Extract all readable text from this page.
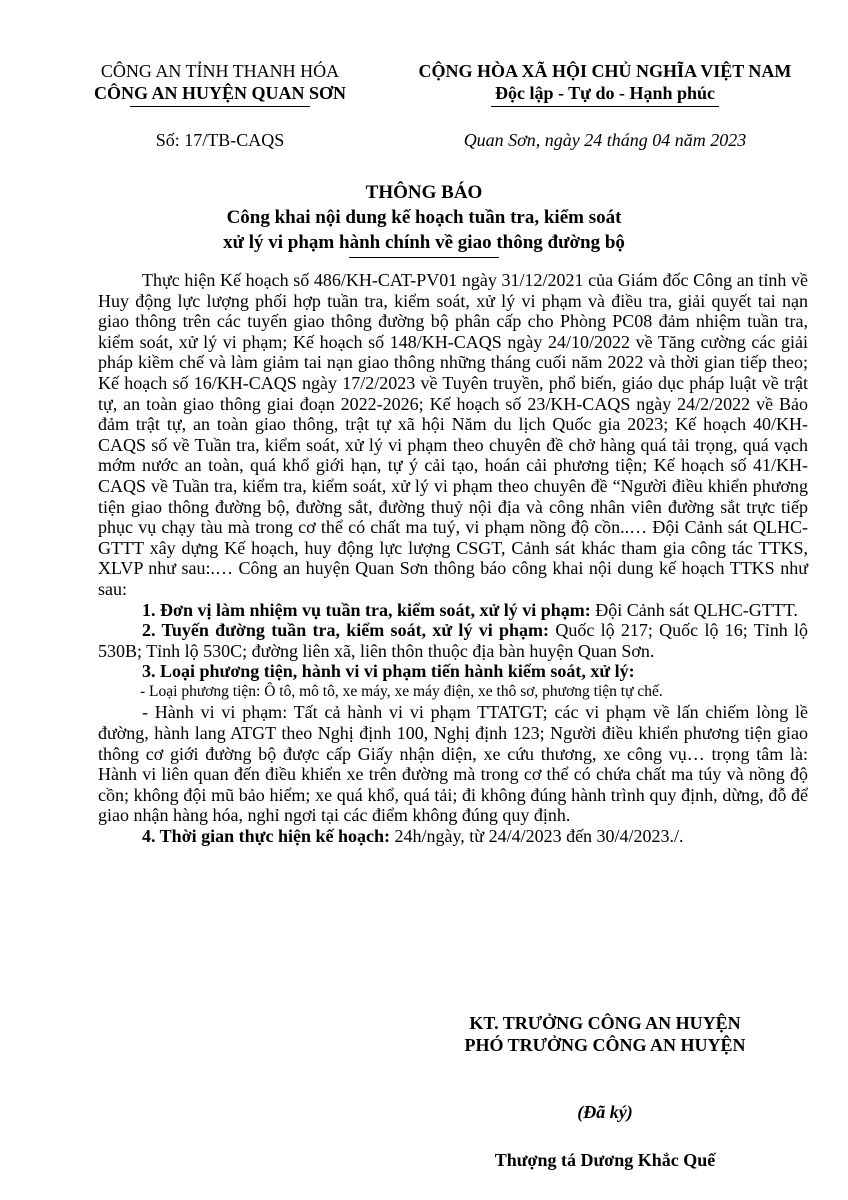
CÔNG AN TỈNH THANH HÓA
CÔNG AN HUYỆN QUAN SƠN
CỘNG HÒA XÃ HỘI CHỦ NGHĨA VIỆT NAM
Độc lập - Tự do - Hạnh phúc
Số: 17/TB-CAQS	Quan Sơn, ngày 24 tháng 04 năm 2023
THÔNG BÁO
Công khai nội dung kế hoạch tuần tra, kiểm soát
xử lý vi phạm hành chính về giao thông đường bộ

Thực hiện Kế hoạch số 486/KH-CAT-PV01 ngày 31/12/2021 của Giám đốc Công an tỉnh về Huy động lực lượng phối hợp tuần tra, kiểm soát, xử lý vi phạm và điều tra, giải quyết tai nạn giao thông trên các tuyến giao thông đường bộ phân cấp cho Phòng PC08 đảm nhiệm tuần tra, kiểm soát, xử lý vi phạm; Kế hoạch số 148/KH-CAQS ngày 24/10/2022 về Tăng cường các giải pháp kiềm chế và làm giảm tai nạn giao thông những tháng cuối năm 2022 và thời gian tiếp theo; Kế hoạch số 16/KH-CAQS ngày 17/2/2023 về Tuyên truyền, phổ biến, giáo dục pháp luật về trật tự, an toàn giao thông giai đoạn 2022-2026; Kế hoạch số 23/KH-CAQS ngày 24/2/2022 về Bảo đảm trật tự, an toàn giao thông, trật tự xã hội Năm du lịch Quốc gia 2023; Kế hoạch 40/KH-CAQS số về Tuần tra, kiểm soát, xử lý vi phạm theo chuyên đề chở hàng quá tải trọng, quá vạch mớm nước an toàn, quá khổ giới hạn, tự ý cải tạo, hoán cải phương tiện; Kế hoạch số 41/KH-CAQS về Tuần tra, kiểm tra, kiểm soát, xử lý vi phạm theo chuyên đề “Người điều khiển phương tiện giao thông đường bộ, đường sắt, đường thuỷ nội địa và công nhân viên đường sắt trực tiếp phục vụ chạy tàu mà trong cơ thể có chất ma tuý, vi phạm nồng độ cồn..… Đội Cảnh sát QLHC-GTTT xây dựng Kế hoạch, huy động lực lượng CSGT, Cảnh sát khác tham gia công tác TTKS, XLVP như sau:.… Công an huyện Quan Sơn thông báo công khai nội dung kế hoạch TTKS như sau:

1. Đơn vị làm nhiệm vụ tuần tra, kiểm soát, xử lý vi phạm: Đội Cảnh sát QLHC-GTTT.

2. Tuyến đường tuần tra, kiểm soát, xử lý vi phạm: Quốc lộ 217; Quốc lộ 16; Tỉnh lộ 530B; Tỉnh lộ 530C; đường liên xã, liên thôn thuộc địa bàn huyện Quan Sơn.

3. Loại phương tiện, hành vi vi phạm tiến hành kiểm soát, xử lý:

- Loại phương tiện: Ô tô, mô tô, xe máy, xe máy điện, xe thô sơ, phương tiện tự chế.

- Hành vi vi phạm: Tất cả hành vi vi phạm TTATGT; các vi phạm về lấn chiếm lòng lề đường, hành lang ATGT theo Nghị định 100, Nghị định 123; Người điều khiển phương tiện giao thông cơ giới đường bộ được cấp Giấy nhận diện, xe cứu thương, xe công vụ… trọng tâm là: Hành vi liên quan đến điều khiển xe trên đường mà trong cơ thể có chứa chất ma túy và nồng độ cồn; không đội mũ bảo hiểm; xe quá khổ, quá tải; đi không đúng hành trình quy định, dừng, đỗ để giao nhận hàng hóa, nghỉ ngơi tại các điểm không đúng quy định.

4. Thời gian thực hiện kế hoạch: 24h/ngày, từ 24/4/2023 đến 30/4/2023./.

KT. TRƯỞNG CÔNG AN HUYỆN
PHÓ TRƯỞNG CÔNG AN HUYỆN
(Đã ký)
Thượng tá Dương Khắc Quế
